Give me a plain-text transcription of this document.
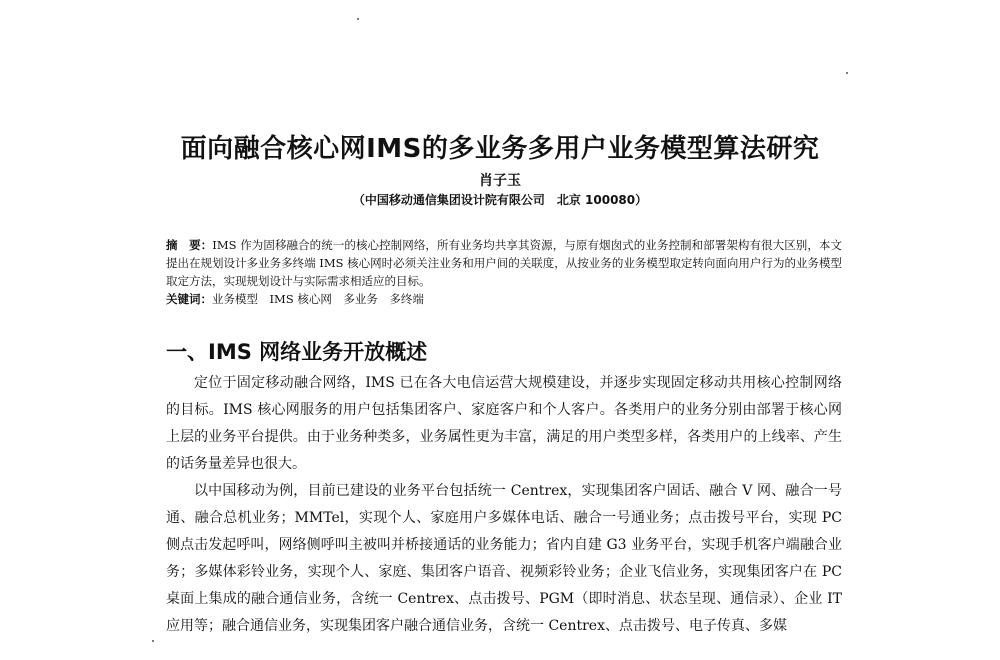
面向融合核心网IMS的多业务多用户业务模型算法研究
肖子玉
（中国移动通信集团设计院有限公司　北京 100080）

摘　要：IMS 作为固移融合的统一的核心控制网络，所有业务均共享其资源，与原有烟囱式的业务控制和部署架构有很大区别，本文提出在规划设计多业务多终端 IMS 核心网时必须关注业务和用户间的关联度，从按业务的业务模型取定转向面向用户行为的业务模型取定方法，实现规划设计与实际需求相适应的目标。

关键词：业务模型　IMS 核心网　多业务　多终端

一、IMS 网络业务开放概述

定位于固定移动融合网络，IMS 已在各大电信运营大规模建设，并逐步实现固定移动共用核心控制网络的目标。IMS 核心网服务的用户包括集团客户、家庭客户和个人客户。各类用户的业务分别由部署于核心网上层的业务平台提供。由于业务种类多，业务属性更为丰富，满足的用户类型多样，各类用户的上线率、产生的话务量差异也很大。

以中国移动为例，目前已建设的业务平台包括统一 Centrex，实现集团客户固话、融合 V 网、融合一号通、融合总机业务；MMTel，实现个人、家庭用户多媒体电话、融合一号通业务；点击拨号平台，实现 PC 侧点击发起呼叫，网络侧呼叫主被叫并桥接通话的业务能力；省内自建 G3 业务平台，实现手机客户端融合业务；多媒体彩铃业务，实现个人、家庭、集团客户语音、视频彩铃业务；企业飞信业务，实现集团客户在 PC 桌面上集成的融合通信业务，含统一 Centrex、点击拨号、PGM（即时消息、状态呈现、通信录）、企业 IT 应用等；融合通信业务，实现集团客户融合通信业务，含统一 Centrex、点击拨号、电子传真、多媒
